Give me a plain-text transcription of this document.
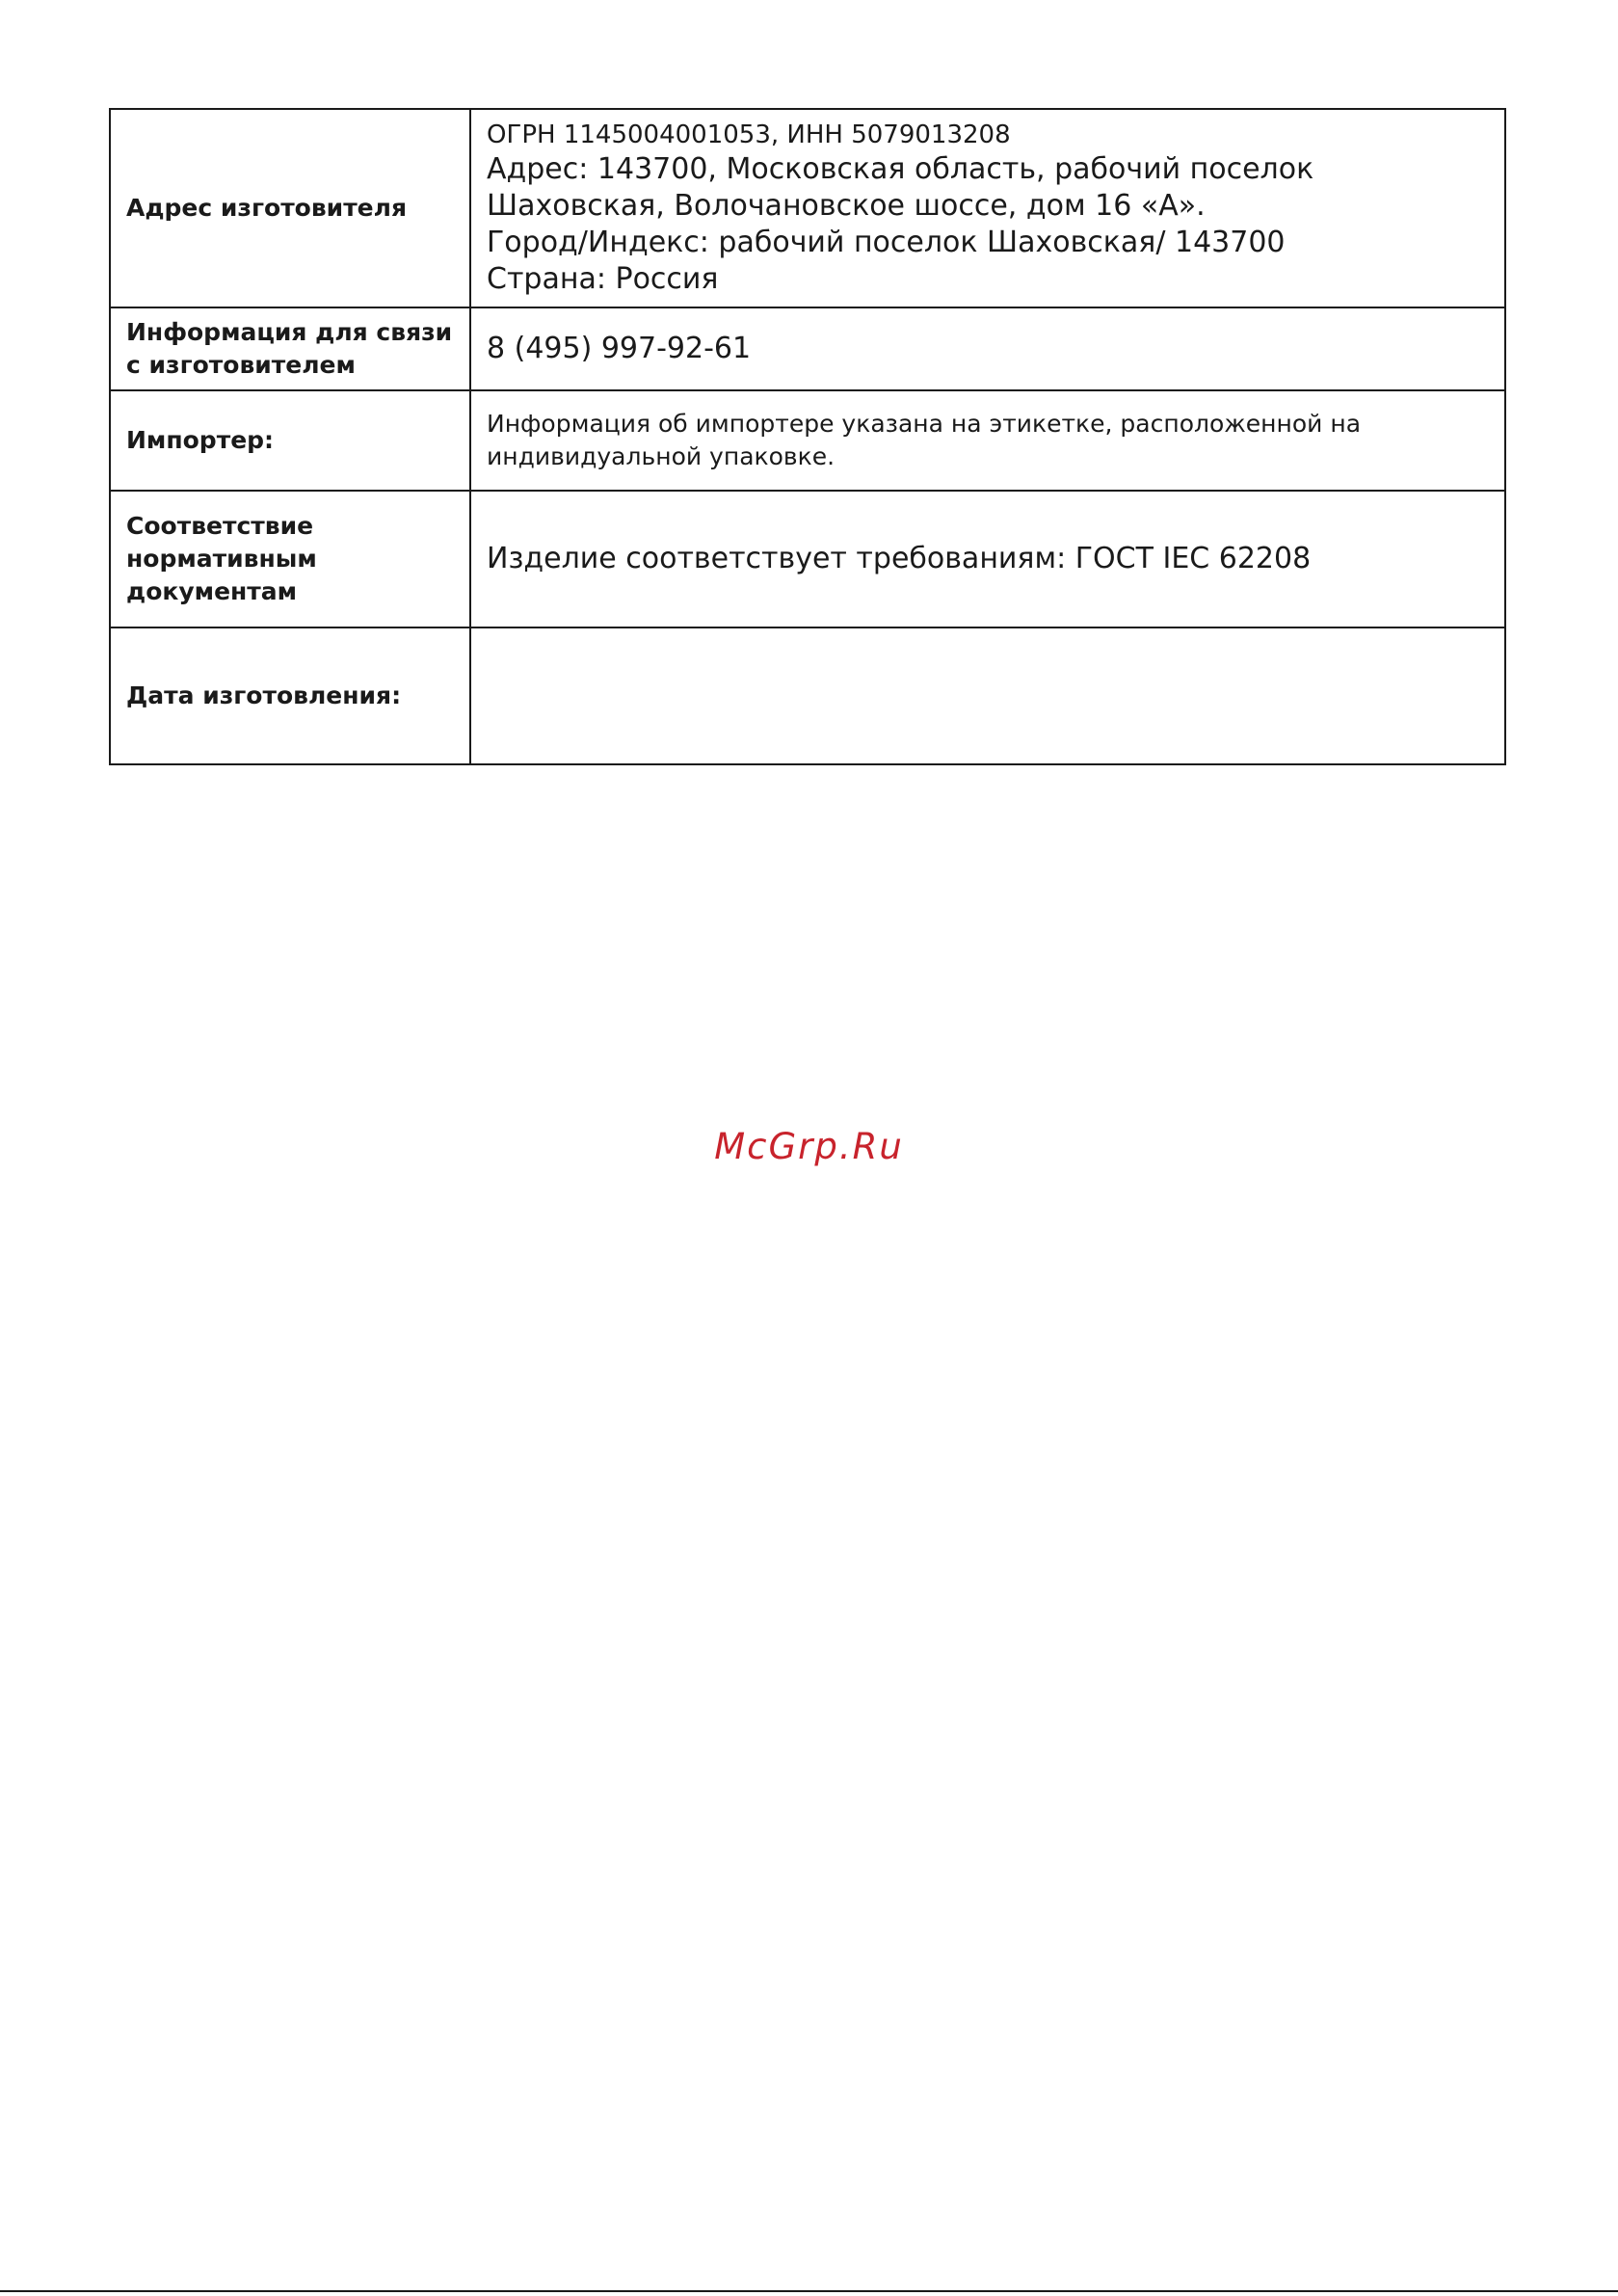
Адрес изготовителя	ОГРН 1145004001053, ИНН 5079013208
Адрес: 143700, Московская область, рабочий поселок
Шаховская, Волочановское шоссе, дом 16 «А».
Город/Индекс: рабочий поселок Шаховская/ 143700
Страна: Россия

Информация для связи с изготовителем	8 (495) 997-92-61
Импортер:	Информация об импортере указана на этикетке, расположенной на индивидуальной упаковке.
Соответствие нормативным документам	Изделие соответствует требованиям: ГОСТ IEC 62208
Дата изготовления:	
McGrp.Ru
